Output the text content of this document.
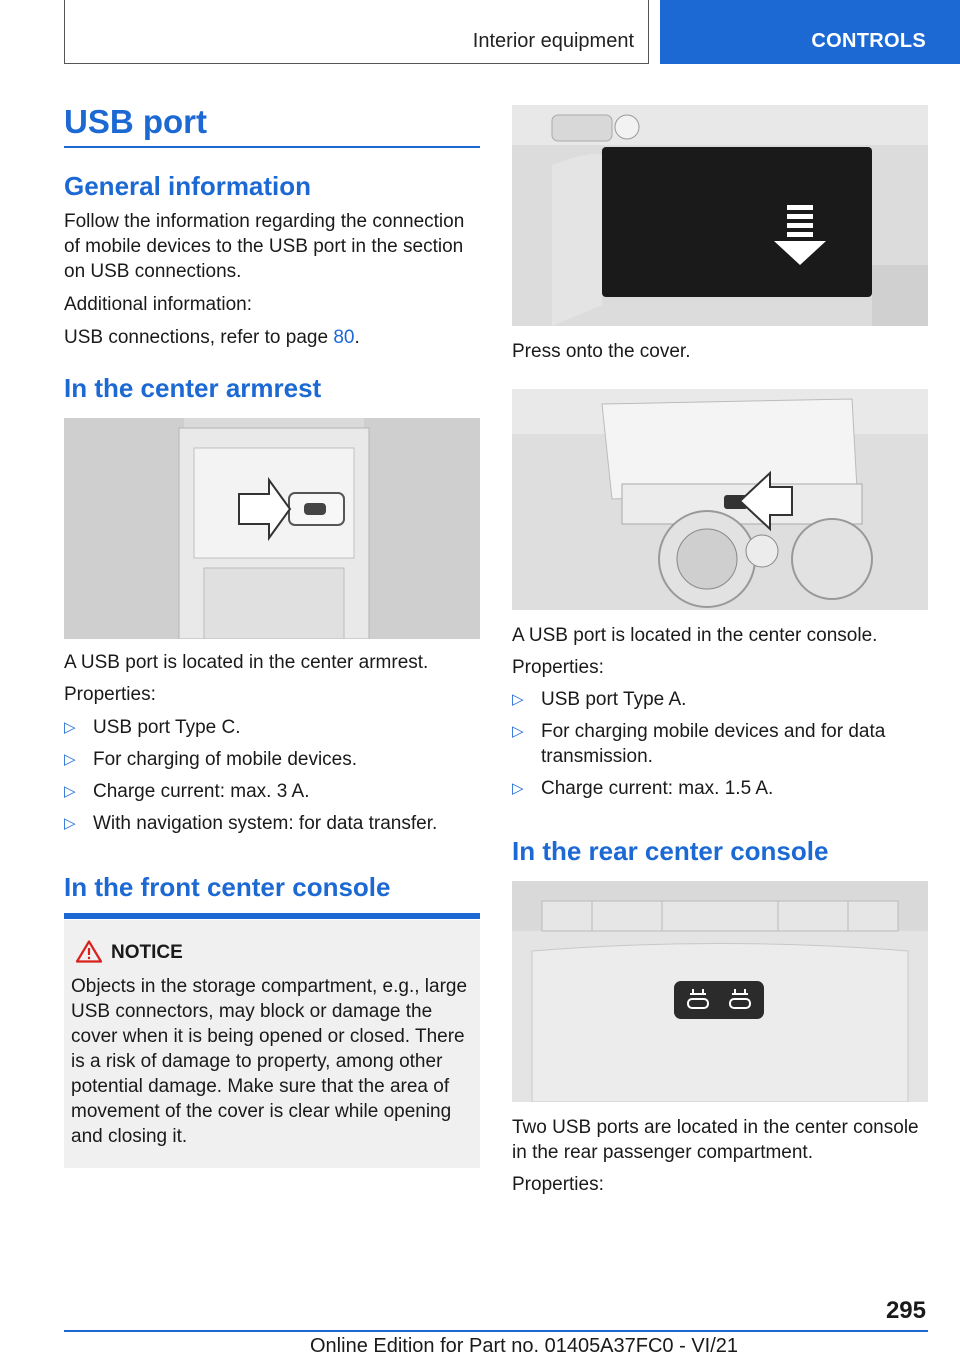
Interior equipment	CONTROLS
USB port
General information
Follow the information regarding the connection
of mobile devices to the USB port in the section
on USB connections.
Additional information:
USB connections, refer to page 80.
In the center armrest
A USB port is located in the center armrest.
Properties:
▷ USB port Type C.
▷ For charging of mobile devices.
▷ Charge current: max. 3 A.
▷ With navigation system: for data transfer.
In the front center console
NOTICE
Objects in the storage compartment, e.g., large
USB connectors, may block or damage the
cover when it is being opened or closed. There
is a risk of damage to property, among other
potential damage. Make sure that the area of
movement of the cover is clear while opening
and closing it.
Press onto the cover.
A USB port is located in the center console.
Properties:
▷ USB port Type A.
▷ For charging mobile devices and for data transmission.
▷ Charge current: max. 1.5 A.
In the rear center console
Two USB ports are located in the center console
in the rear passenger compartment.
Properties:
295
Online Edition for Part no. 01405A37FC0 - VI/21
